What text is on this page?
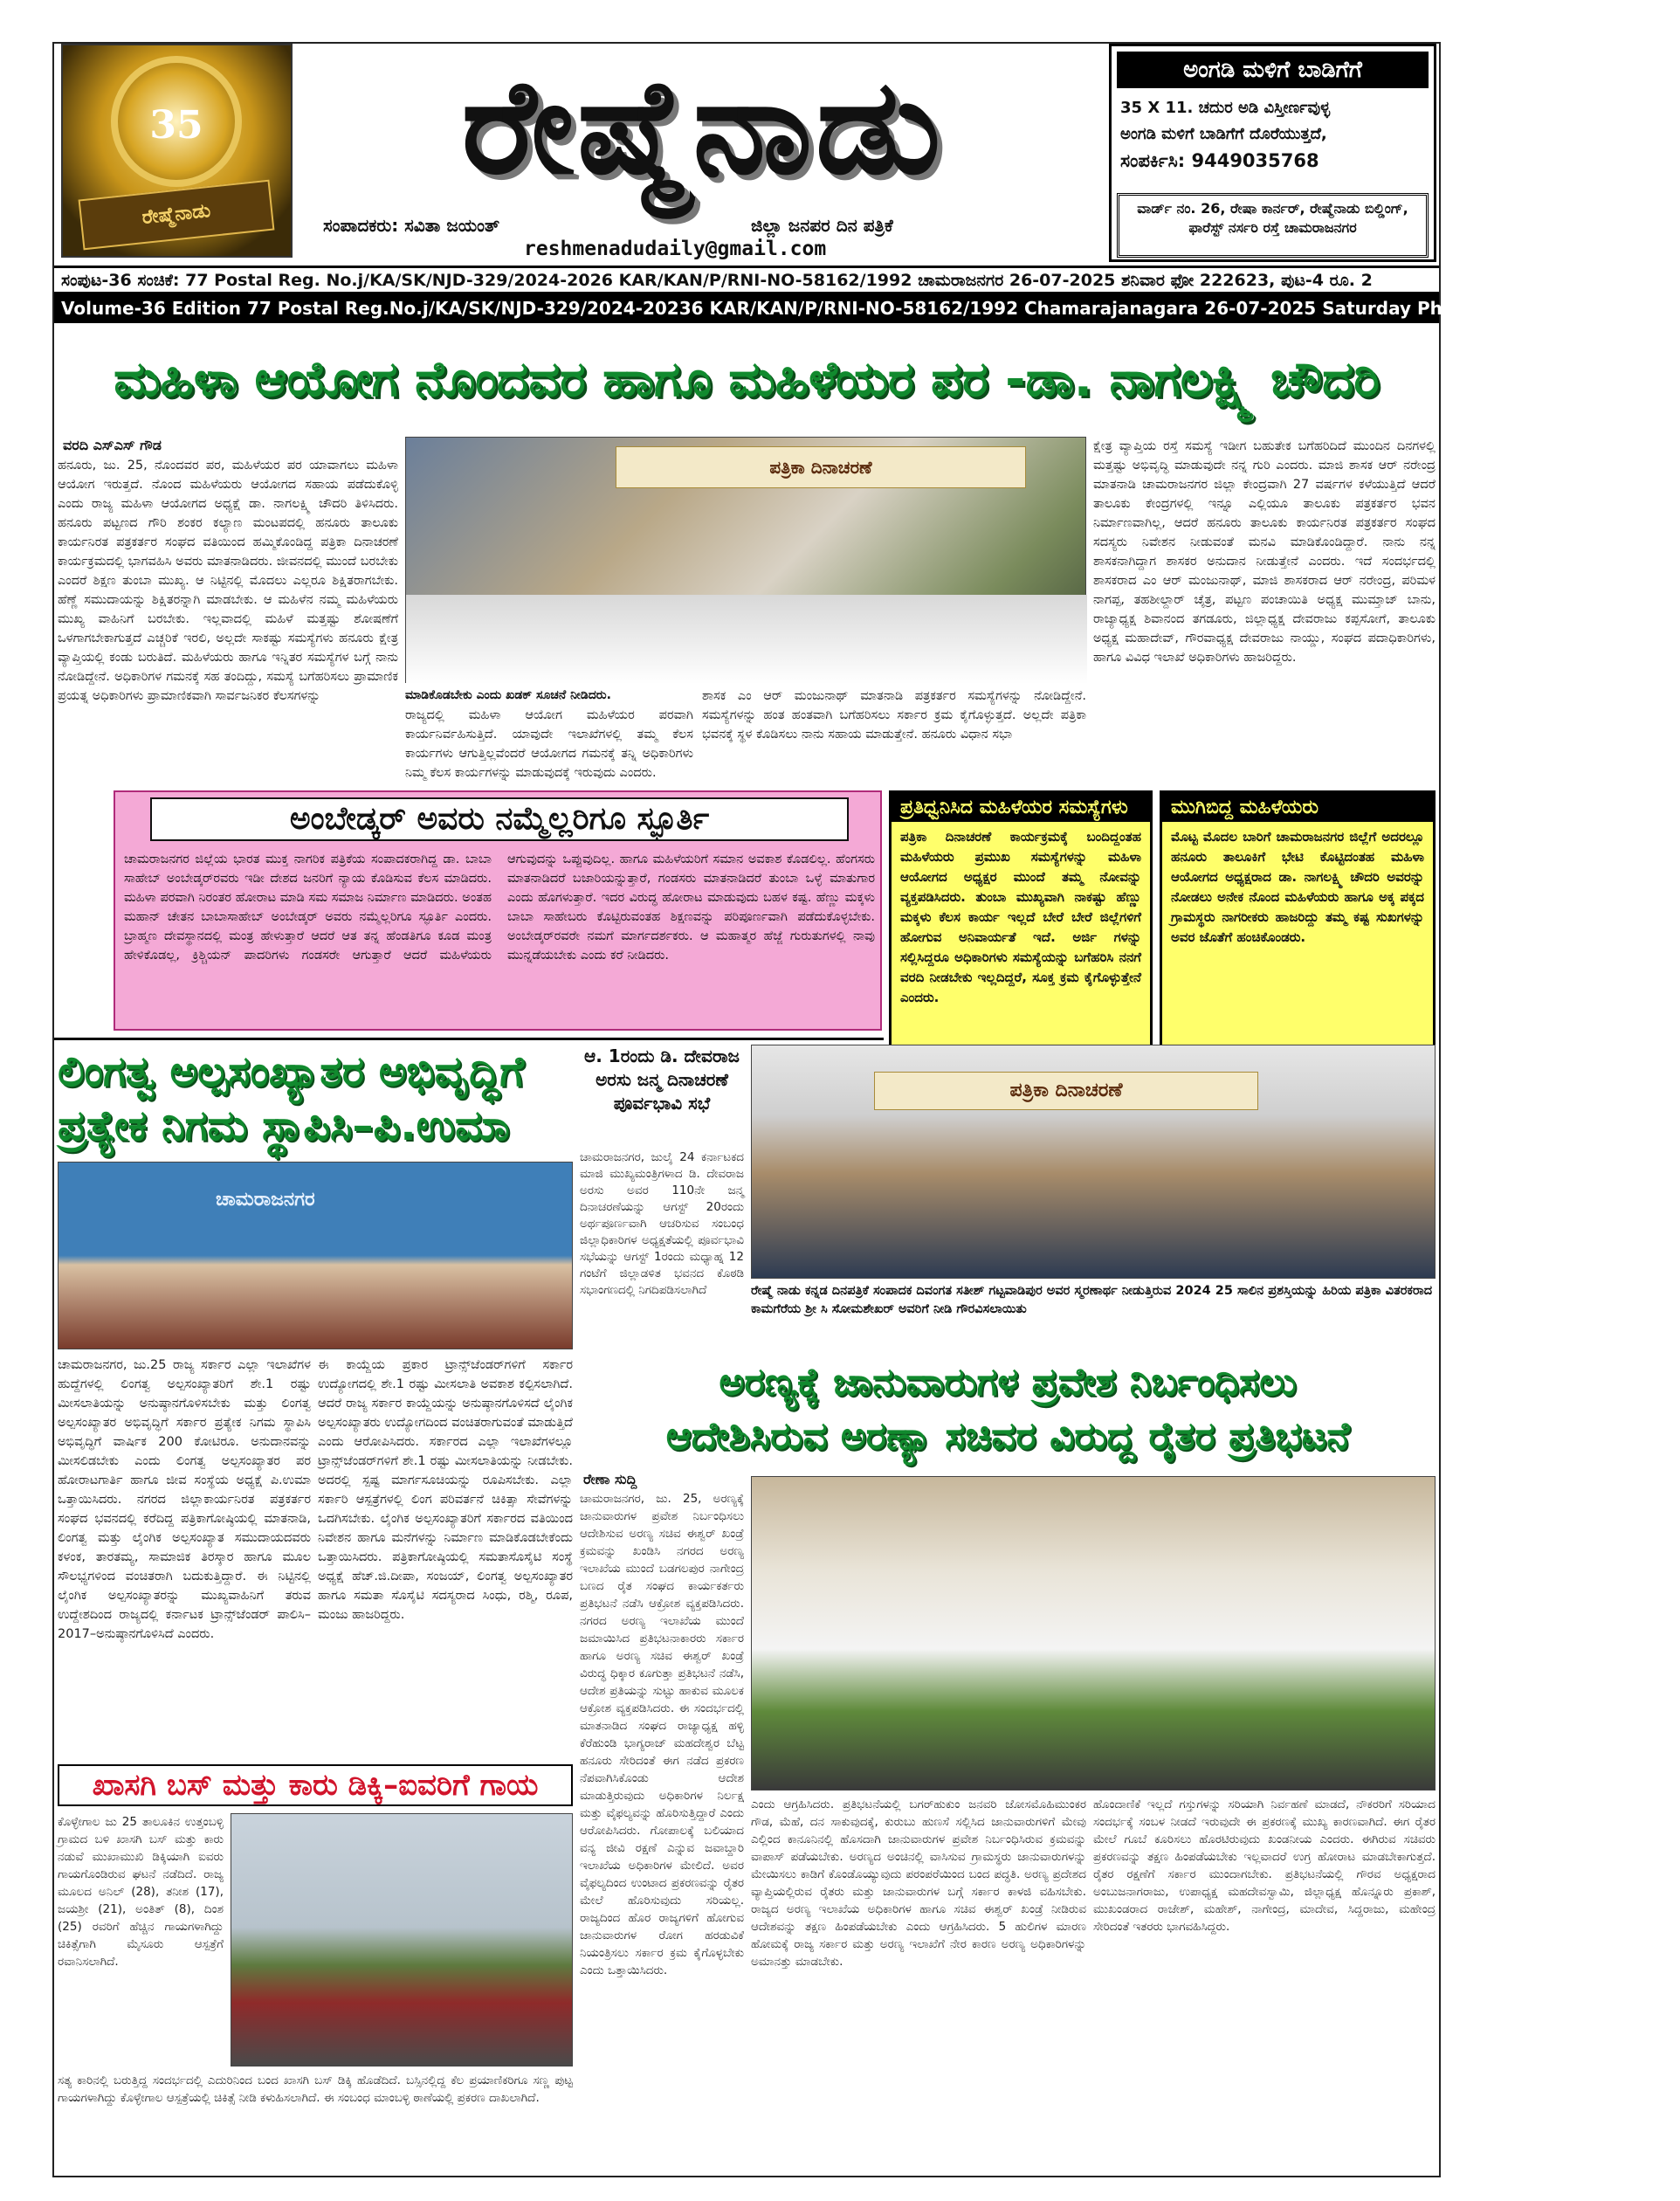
35
ರೇಷ್ಮೆನಾಡು
ರೇಷ್ಮೆನಾಡು
ಸಂಪಾದಕರು: ಸವಿತಾ ಜಯಂತ್	ಜಿಲ್ಲಾ ಜನಪರ ದಿನ ಪತ್ರಿಕೆ
reshmenadudaily@gmail.com
ಅಂಗಡಿ ಮಳಿಗೆ ಬಾಡಿಗೆಗೆ
35 X 11. ಚದುರ ಅಡಿ ವಿಸ್ತೀರ್ಣವುಳ್ಳ
ಅಂಗಡಿ ಮಳಿಗೆ ಬಾಡಿಗೆಗೆ ದೊರೆಯುತ್ತದೆ,
ಸಂಪರ್ಕಿಸಿ: 9449035768
ವಾರ್ಡ್ ನಂ. 26, ರೇಷಾ ಕಾರ್ನರ್, ರೇಷ್ಮೆನಾಡು ಬಿಲ್ಡಿಂಗ್, ಫಾರೆಸ್ಟ್ ನರ್ಸರಿ ರಸ್ತೆ ಚಾಮರಾಜನಗರ
ಸಂಪುಟ-36 ಸಂಚಿಕೆ: 77 Postal Reg. No.j/KA/SK/NJD-329/2024-2026 KAR/KAN/P/RNI-NO-58162/1992 ಚಾಮರಾಜನಗರ 26-07-2025 ಶನಿವಾರ ಫೋ 222623, ಪುಟ-4 ರೂ. 2
Volume-36 Edition 77 Postal Reg.No.j/KA/SK/NJD-329/2024-20236 KAR/KAN/P/RNI-NO-58162/1992 Chamarajanagara 26-07-2025 Saturday Phone 222623 Page-4 Rs.2
ಮಹಿಳಾ ಆಯೋಗ ನೊಂದವರ ಹಾಗೂ ಮಹಿಳೆಯರ ಪರ -ಡಾ. ನಾಗಲಕ್ಷ್ಮಿ ಚೌದರಿ
ವರದಿ ಎಸ್‌ಎಸ್ ಗೌಡ
ಹನೂರು, ಜು. 25, ನೊಂದವರ ಪರ, ಮಹಿಳೆಯರ ಪರ ಯಾವಾಗಲು ಮಹಿಳಾ ಆಯೋಗ ಇರುತ್ತದೆ. ನೊಂದ ಮಹಿಳೆಯರು ಆಯೋಗದ ಸಹಾಯ ಪಡೆದುಕೊಳ್ಳಿ ಎಂದು ರಾಜ್ಯ ಮಹಿಳಾ ಆಯೋಗದ ಅಧ್ಯಕ್ಷೆ ಡಾ. ನಾಗಲಕ್ಷ್ಮಿ ಚೌದರಿ ತಿಳಿಸಿದರು. ಹನೂರು ಪಟ್ಟಣದ ಗೌರಿ ಶಂಕರ ಕಲ್ಯಾಣ ಮಂಟಪದಲ್ಲಿ ಹನೂರು ತಾಲೂಕು ಕಾರ್ಯನಿರತ ಪತ್ರಕರ್ತರ ಸಂಘದ ವತಿಯಿಂದ ಹಮ್ಮಿಕೊಂಡಿದ್ದ ಪತ್ರಿಕಾ ದಿನಾಚರಣೆ ಕಾರ್ಯಕ್ರಮದಲ್ಲಿ ಭಾಗವಹಿಸಿ ಅವರು ಮಾತನಾಡಿದರು. ಜೀವನದಲ್ಲಿ ಮುಂದೆ ಬರಬೇಕು ಎಂದರೆ ಶಿಕ್ಷಣ ತುಂಬಾ ಮುಖ್ಯ. ಆ ನಿಟ್ಟಿನಲ್ಲಿ ಮೊದಲು ಎಲ್ಲರೂ ಶಿಕ್ಷಿತರಾಗಬೇಕು. ಹೆಣ್ಣೆ ಸಮುದಾಯನ್ನು ಶಿಕ್ಷಿತರನ್ನಾಗಿ ಮಾಡಬೇಕು. ಆ ಮಹಿಳೆನ ನಮ್ಮ ಮಹಿಳೆಯರು ಮುಖ್ಯ ವಾಹಿನಿಗೆ ಬರಬೇಕು. ಇಲ್ಲವಾದಲ್ಲಿ ಮಹಿಳೆ ಮತ್ತಷ್ಟು ಶೋಷಣೆಗೆ ಒಳಗಾಗಬೇಕಾಗುತ್ತದೆ ಎಚ್ಚರಿಕೆ ಇರಲಿ, ಅಲ್ಲದೇ ಸಾಕಷ್ಟು ಸಮಸ್ಯೆಗಳು ಹನೂರು ಕ್ಷೇತ್ರ ವ್ಯಾಪ್ತಿಯಲ್ಲಿ ಕಂಡು ಬರುತಿದೆ. ಮಹಿಳೆಯರು ಹಾಗೂ ಇನ್ನಿತರ ಸಮಸ್ಯೆಗಳ ಬಗ್ಗೆ ನಾನು ನೋಡಿದ್ದೇನೆ. ಅಧಿಕಾರಿಗಳ ಗಮನಕ್ಕೆ ಸಹ ತಂದಿದ್ದು, ಸಮಸ್ಯೆ ಬಗೆಹರಿಸಲು ಪ್ರಾಮಾಣಿಕ ಪ್ರಯತ್ನ ಅಧಿಕಾರಿಗಳು ಪ್ರಾಮಾಣಿಕವಾಗಿ ಸಾರ್ವಜನಿಕರ ಕೆಲಸಗಳನ್ನು
ಪತ್ರಿಕಾ ದಿನಾಚರಣೆ
ಮಾಡಿಕೊಡಬೇಕು ಎಂದು ಖಡಕ್ ಸೂಚನೆ ನೀಡಿದರು.
ರಾಜ್ಯದಲ್ಲಿ ಮಹಿಳಾ ಆಯೋಗ ಮಹಿಳೆಯರ ಪರವಾಗಿ ಕಾರ್ಯನಿರ್ವಹಿಸುತ್ತಿದೆ. ಯಾವುದೇ ಇಲಾಖೆಗಳಲ್ಲಿ ತಮ್ಮ ಕೆಲಸ ಕಾರ್ಯಗಳು ಆಗುತ್ತಿಲ್ಲವೆಂದರೆ ಆಯೋಗದ ಗಮನಕ್ಕೆ ತನ್ನಿ ಅಧಿಕಾರಿಗಳು ನಿಮ್ಮ ಕೆಲಸ ಕಾರ್ಯಗಳನ್ನು ಮಾಡುವುದಕ್ಕೆ ಇರುವುದು ಎಂದರು.
ಶಾಸಕ ಎಂ ಆರ್ ಮಂಜುನಾಥ್ ಮಾತನಾಡಿ ಪತ್ರಕರ್ತರ ಸಮಸ್ಯೆಗಳನ್ನು ನೋಡಿದ್ದೇನೆ. ಸಮಸ್ಯೆಗಳನ್ನು ಹಂತ ಹಂತವಾಗಿ ಬಗೆಹರಿಸಲು ಸರ್ಕಾರ ಕ್ರಮ ಕೈಗೊಳ್ಳುತ್ತದೆ. ಅಲ್ಲದೇ ಪತ್ರಿಕಾ ಭವನಕ್ಕೆ ಸ್ಥಳ ಕೊಡಿಸಲು ನಾನು ಸಹಾಯ ಮಾಡುತ್ತೇನೆ. ಹನೂರು ವಿಧಾನ ಸಭಾ
ಕ್ಷೇತ್ರ ವ್ಯಾಪ್ತಿಯ ರಸ್ತೆ ಸಮಸ್ಯೆ ಇಡೀಗ ಬಹುತೇಕ ಬಗೆಹರಿದಿದೆ ಮುಂದಿನ ದಿನಗಳಲ್ಲಿ ಮತ್ತಷ್ಟು ಅಭಿವೃದ್ಧಿ ಮಾಡುವುದೇ ನನ್ನ ಗುರಿ ಎಂದರು. ಮಾಜಿ ಶಾಸಕ ಆರ್ ನರೇಂದ್ರ ಮಾತನಾಡಿ ಚಾಮರಾಜನಗರ ಜಿಲ್ಲಾ ಕೇಂದ್ರವಾಗಿ 27 ವರ್ಷಗಳ ಕಳೆಯುತ್ತಿದೆ ಆದರೆ ತಾಲೂಕು ಕೇಂದ್ರಗಳಲ್ಲಿ ಇನ್ನೂ ಎಲ್ಲಿಯೂ ತಾಲೂಕು ಪತ್ರಕರ್ತರ ಭವನ ನಿರ್ಮಾಣವಾಗಿಲ್ಲ, ಆದರೆ ಹನೂರು ತಾಲೂಕು ಕಾರ್ಯನಿರತ ಪತ್ರಕರ್ತರ ಸಂಘದ ಸದಸ್ಯರು ನಿವೇಶನ ನೀಡುವಂತೆ ಮನವಿ ಮಾಡಿಕೊಂಡಿದ್ದಾರೆ. ನಾನು ನನ್ನ ಶಾಸಕನಾಗಿದ್ದಾಗ ಶಾಸಕರ ಅನುದಾನ ನೀಡುತ್ತೇನೆ ಎಂದರು. ಇದೆ ಸಂದರ್ಭದಲ್ಲಿ ಶಾಸಕರಾದ ಎಂ ಆರ್ ಮಂಜುನಾಥ್, ಮಾಜಿ ಶಾಸಕರಾದ ಆರ್ ನರೇಂದ್ರ, ಪರಿಮಳ ನಾಗಪ್ಪ, ತಹಶೀಲ್ದಾರ್ ಚೈತ್ರ, ಪಟ್ಟಣ ಪಂಚಾಯಿತಿ ಅಧ್ಯಕ್ಷ ಮುಮ್ತಾಜ್ ಬಾನು, ರಾಜ್ಯಾಧ್ಯಕ್ಷ ಶಿವಾನಂದ ತಗಡೂರು, ಜಿಲ್ಲಾಧ್ಯಕ್ಷ ದೇವರಾಜು ಕಪ್ಪಸೋಗೆ, ತಾಲೂಕು ಅಧ್ಯಕ್ಷ ಮಹಾದೇವ್, ಗೌರವಾಧ್ಯಕ್ಷ ದೇವರಾಜು ನಾಯ್ಡು, ಸಂಘದ ಪದಾಧಿಕಾರಿಗಳು, ಹಾಗೂ ವಿವಿಧ ಇಲಾಖೆ ಅಧಿಕಾರಿಗಳು ಹಾಜರಿದ್ದರು.
ಅಂಬೇಡ್ಕರ್ ಅವರು ನಮ್ಮೆಲ್ಲರಿಗೂ ಸ್ಫೂರ್ತಿ
ಚಾಮರಾಜನಗರ ಜಿಲ್ಲೆಯ ಭಾರತ ಮುಕ್ತ ನಾಗರಿಕ ಪತ್ರಿಕೆಯ ಸಂಪಾದಕರಾಗಿದ್ದ ಡಾ. ಬಾಬಾ ಸಾಹೇಬ್ ಅಂಬೇಡ್ಕರ್‌ರವರು ಇಡೀ ದೇಶದ ಜನರಿಗೆ ನ್ಯಾಯ ಕೊಡಿಸುವ ಕೆಲಸ ಮಾಡಿದರು. ಮಹಿಳಾ ಪರವಾಗಿ ನಿರಂತರ ಹೋರಾಟ ಮಾಡಿ ಸಮ ಸಮಾಜ ನಿರ್ಮಾಣ ಮಾಡಿದರು. ಅಂತಹ ಮಹಾನ್ ಚೇತನ ಬಾಬಾಸಾಹೇಬ್ ಅಂಬೇಡ್ಕರ್ ಅವರು ನಮ್ಮೆಲ್ಲರಿಗೂ ಸ್ಫೂರ್ತಿ ಎಂದರು. ಬ್ರಾಹ್ಮಣ ದೇವಸ್ಥಾನದಲ್ಲಿ ಮಂತ್ರ ಹೇಳುತ್ತಾರೆ ಆದರೆ ಆತ ತನ್ನ ಹೆಂಡತಿಗೂ ಕೂಡ ಮಂತ್ರ ಹೇಳಿಕೊಡಲ್ಲ, ಕ್ರಿಶ್ಚಿಯನ್ ಪಾದರಿಗಳು ಗಂಡಸರೇ ಆಗುತ್ತಾರೆ ಆದರೆ ಮಹಿಳೆಯರು ಆಗುವುದನ್ನು ಒಪ್ಪುವುದಿಲ್ಲ. ಹಾಗೂ ಮಹಿಳೆಯರಿಗೆ ಸಮಾನ ಅವಕಾಶ ಕೊಡಲಿಲ್ಲ. ಹೆಂಗಸರು ಮಾತನಾಡಿದರೆ ಬಜಾರಿಯನ್ನುತ್ತಾರೆ, ಗಂಡಸರು ಮಾತನಾಡಿದರೆ ತುಂಬಾ ಒಳ್ಳೆ ಮಾತುಗಾರ ಎಂದು ಹೊಗಳುತ್ತಾರೆ. ಇದರ ವಿರುದ್ಧ ಹೋರಾಟ ಮಾಡುವುದು ಬಹಳ ಕಷ್ಟ. ಹೆಣ್ಣು ಮಕ್ಕಳು ಬಾಬಾ ಸಾಹೇಬರು ಕೊಟ್ಟಿರುವಂತಹ ಶಿಕ್ಷಣವನ್ನು ಪರಿಪೂರ್ಣವಾಗಿ ಪಡೆದುಕೊಳ್ಳಬೇಕು. ಅಂಬೇಡ್ಕರ್‌ರವರೇ ನಮಗೆ ಮಾರ್ಗದರ್ಶಕರು. ಆ ಮಹಾತ್ಮರ ಹೆಜ್ಜೆ ಗುರುತುಗಳಲ್ಲಿ ನಾವು ಮುನ್ನಡೆಯಬೇಕು ಎಂದು ಕರೆ ನೀಡಿದರು.
ಪ್ರತಿಧ್ವನಿಸಿದ ಮಹಿಳೆಯರ ಸಮಸ್ಯೆಗಳು
ಪತ್ರಿಕಾ ದಿನಾಚರಣೆ ಕಾರ್ಯಕ್ರಮಕ್ಕೆ ಬಂದಿದ್ದಂತಹ ಮಹಿಳೆಯರು ಪ್ರಮುಖ ಸಮಸ್ಯೆಗಳನ್ನು ಮಹಿಳಾ ಆಯೋಗದ ಅಧ್ಯಕ್ಷರ ಮುಂದೆ ತಮ್ಮ ನೋವನ್ನು ವ್ಯಕ್ತಪಡಿಸಿದರು. ತುಂಬಾ ಮುಖ್ಯವಾಗಿ ನಾಕಷ್ಟು ಹೆಣ್ಣು ಮಕ್ಕಳು ಕೆಲಸ ಕಾರ್ಯ ಇಲ್ಲದೆ ಬೇರೆ ಬೇರೆ ಜಿಲ್ಲೆಗಳಿಗೆ ಹೋಗುವ ಅನಿವಾರ್ಯತೆ ಇದೆ. ಅರ್ಜಿ ಗಳನ್ನು ಸಲ್ಲಿಸಿದ್ದರೂ ಅಧಿಕಾರಿಗಳು ಸಮಸ್ಯೆಯನ್ನು ಬಗೆಹರಿಸಿ ನನಗೆ ವರದಿ ನೀಡಬೇಕು ಇಲ್ಲದಿದ್ದರೆ, ಸೂಕ್ತ ಕ್ರಮ ಕೈಗೊಳ್ಳುತ್ತೇನೆ ಎಂದರು.
ಮುಗಿಬಿದ್ದ ಮಹಿಳೆಯರು
ಮೊಟ್ಟ ಮೊದಲ ಬಾರಿಗೆ ಚಾಮರಾಜನಗರ ಜಿಲ್ಲೆಗೆ ಅದರಲ್ಲೂ ಹನೂರು ತಾಲೂಕಿಗೆ ಭೇಟಿ ಕೊಟ್ಟಿದಂತಹ ಮಹಿಳಾ ಆಯೋಗದ ಅಧ್ಯಕ್ಷರಾದ ಡಾ. ನಾಗಲಕ್ಷ್ಮಿ ಚೌದರಿ ಅವರನ್ನು ನೋಡಲು ಅನೇಕ ನೊಂದ ಮಹಿಳೆಯರು ಹಾಗೂ ಅಕ್ಕ ಪಕ್ಕದ ಗ್ರಾಮಸ್ಥರು ನಾಗರೀಕರು ಹಾಜರಿದ್ದು ತಮ್ಮ ಕಷ್ಟ ಸುಖಗಳನ್ನು ಅವರ ಜೊತೆಗೆ ಹಂಚಿಕೊಂಡರು.
ಲಿಂಗತ್ವ ಅಲ್ಪಸಂಖ್ಯಾತರ ಅಭಿವೃದ್ಧಿಗೆ
ಪ್ರತ್ಯೇಕ ನಿಗಮ ಸ್ಥಾಪಿಸಿ–ಪಿ.ಉಮಾ
ಚಾಮರಾಜನಗರ
ಚಾಮರಾಜನಗರ, ಜು.25 ರಾಜ್ಯ ಸರ್ಕಾರ ಎಲ್ಲಾ ಇಲಾಖೆಗಳ ಹುದ್ದೆಗಳಲ್ಲಿ ಲಿಂಗತ್ವ ಅಲ್ಪಸಂಖ್ಯಾತರಿಗೆ ಶೇ.1 ರಷ್ಟು ಮೀಸಲಾತಿಯನ್ನು ಅನುಷ್ಠಾನಗೊಳಿಸಬೇಕು ಮತ್ತು ಲಿಂಗತ್ವ ಅಲ್ಪಸಂಖ್ಯಾತರ ಅಭಿವೃದ್ಧಿಗೆ ಸರ್ಕಾರ ಪ್ರತ್ಯೇಕ ನಿಗಮ ಸ್ಥಾಪಿಸಿ ಅಭಿವೃದ್ಧಿಗೆ ವಾರ್ಷಿಕ 200 ಕೋಟಿರೂ. ಅನುದಾನವನ್ನು ಮೀಸಲಿಡಬೇಕು ಎಂದು ಲಿಂಗತ್ವ ಅಲ್ಪಸಂಖ್ಯಾತರ ಪರ ಹೋರಾಟಗಾರ್ತಿ ಹಾಗೂ ಜೀವ ಸಂಸ್ಥೆಯ ಅಧ್ಯಕ್ಷೆ ಪಿ.ಉಮಾ ಒತ್ತಾಯಿಸಿದರು. ನಗರದ ಜಿಲ್ಲಾಕಾರ್ಯನಿರತ ಪತ್ರಕರ್ತರ ಸಂಘದ ಭವನದಲ್ಲಿ ಕರೆದಿದ್ದ ಪತ್ರಿಕಾಗೋಷ್ಠಿಯಲ್ಲಿ ಮಾತನಾಡಿ, ಲಿಂಗತ್ವ ಮತ್ತು ಲೈಂಗಿಕ ಅಲ್ಪಸಂಖ್ಯಾತ ಸಮುದಾಯದವರು ಕಳಂಕ, ತಾರತಮ್ಯ, ಸಾಮಾಜಿಕ ತಿರಸ್ಕಾರ ಹಾಗೂ ಮೂಲ ಸೌಲಭ್ಯಗಳಿಂದ ವಂಚಿತರಾಗಿ ಬದುಕುತ್ತಿದ್ದಾರೆ. ಈ ನಿಟ್ಟಿನಲ್ಲಿ ಲೈಂಗಿಕ ಅಲ್ಪಸಂಖ್ಯಾತರನ್ನು ಮುಖ್ಯವಾಹಿನಿಗೆ ತರುವ ಉದ್ದೇಶದಿಂದ ರಾಜ್ಯದಲ್ಲಿ ಕರ್ನಾಟಕ ಟ್ರಾನ್ಸ್‌ಜೆಂಡರ್ ಪಾಲಿಸಿ–2017–ಅನುಷ್ಠಾನಗೊಳಿಸಿದೆ ಎಂದರು.
ಈ ಕಾಯ್ದೆಯ ಪ್ರಕಾರ ಟ್ರಾನ್ಸ್‌ಜೆಂಡರ್‌ಗಳಿಗೆ ಸರ್ಕಾರ ಉದ್ಯೋಗದಲ್ಲಿ ಶೇ.1 ರಷ್ಟು ಮೀಸಲಾತಿ ಅವಕಾಶ ಕಲ್ಪಿಸಲಾಗಿದೆ. ಆದರೆ ರಾಜ್ಯ ಸರ್ಕಾರ ಕಾಯ್ದೆಯನ್ನು ಅನುಷ್ಠಾನಗೊಳಿಸದೆ ಲೈಂಗಿಕ ಅಲ್ಪಸಂಖ್ಯಾತರು ಉದ್ಯೋಗದಿಂದ ವಂಚಿತರಾಗುವಂತೆ ಮಾಡುತ್ತಿದೆ ಎಂದು ಆರೋಪಿಸಿದರು. ಸರ್ಕಾರದ ಎಲ್ಲಾ ಇಲಾಖೆಗಳಲ್ಲೂ ಟ್ರಾನ್ಸ್‌ಜೆಂಡರ್‌ಗಳಿಗೆ ಶೇ.1 ರಷ್ಟು ಮೀಸಲಾತಿಯನ್ನು ನೀಡಬೇಕು. ಅದರಲ್ಲಿ ಸ್ಪಷ್ಟ ಮಾರ್ಗಸೂಚಿಯನ್ನು ರೂಪಿಸಬೇಕು. ಎಲ್ಲಾ ಸರ್ಕಾರಿ ಆಸ್ಪತ್ರೆಗಳಲ್ಲಿ ಲಿಂಗ ಪರಿವರ್ತನೆ ಚಿಕಿತ್ಸಾ ಸೇವೆಗಳನ್ನು ಒದಗಿಸಬೇಕು. ಲೈಂಗಿಕ ಅಲ್ಪಸಂಖ್ಯಾತರಿಗೆ ಸರ್ಕಾರದ ವತಿಯಿಂದ ನಿವೇಶನ ಹಾಗೂ ಮನೆಗಳನ್ನು ನಿರ್ಮಾಣ ಮಾಡಿಕೊಡಬೇಕೆಂದು ಒತ್ತಾಯಿಸಿದರು. ಪತ್ರಿಕಾಗೋಷ್ಠಿಯಲ್ಲಿ ಸಮತಾಸೊಸೈಟಿ ಸಂಸ್ಥೆ ಅಧ್ಯಕ್ಷೆ ಹೆಚ್.ಜಿ.ದೀಪಾ, ಸಂಜಯ್, ಲಿಂಗತ್ವ ಅಲ್ಪಸಂಖ್ಯಾತರ ಹಾಗೂ ಸಮತಾ ಸೊಸೈಟಿ ಸದಸ್ಯರಾದ ಸಿಂಧು, ರಶ್ಮಿ, ರೂಪ, ಮಂಜು ಹಾಜರಿದ್ದರು.
ಆ. 1ರಂದು ಡಿ. ದೇವರಾಜ ಅರಸು ಜನ್ಮ ದಿನಾಚರಣೆ ಪೂರ್ವಭಾವಿ ಸಭೆ
ಚಾಮರಾಜನಗರ, ಜುಲೈ 24 ಕರ್ನಾಟಕದ ಮಾಜಿ ಮುಖ್ಯಮಂತ್ರಿಗಳಾದ ಡಿ. ದೇವರಾಜ ಅರಸು ಅವರ 110ನೇ ಜನ್ಮ ದಿನಾಚರಣೆಯನ್ನು ಆಗಸ್ಟ್ 20ರಂದು ಅರ್ಥಪೂರ್ಣವಾಗಿ ಆಚರಿಸುವ ಸಂಬಂಧ ಜಿಲ್ಲಾಧಿಕಾರಿಗಳ ಅಧ್ಯಕ್ಷತೆಯಲ್ಲಿ ಪೂರ್ವಭಾವಿ ಸಭೆಯನ್ನು ಆಗಸ್ಟ್ 1ರಂದು ಮಧ್ಯಾಹ್ನ 12 ಗಂಟೆಗೆ ಜಿಲ್ಲಾಡಳಿತ ಭವನದ ಕೊಠಡಿ ಸಭಾಂಗಣದಲ್ಲಿ ನಿಗದಿಪಡಿಸಲಾಗಿದೆ
ಪತ್ರಿಕಾ ದಿನಾಚರಣೆ
ರೇಷ್ಮೆ ನಾಡು ಕನ್ನಡ ದಿನಪತ್ರಿಕೆ ಸಂಪಾದಕ ದಿವಂಗತ ಸತೀಶ್ ಗಟ್ಟವಾಡಿಪುರ ಅವರ ಸ್ಮರಣಾರ್ಥ ನೀಡುತ್ತಿರುವ 2024 25 ಸಾಲಿನ ಪ್ರಶಸ್ತಿಯನ್ನು ಹಿರಿಯ ಪತ್ರಿಕಾ ವಿತರಕರಾದ ಕಾಮಗೆರೆಯ ಶ್ರೀ ಸಿ ಸೋಮಶೇಖರ್ ಅವರಿಗೆ ನೀಡಿ ಗೌರವಿಸಲಾಯಿತು
ಅರಣ್ಯಕ್ಕೆ ಜಾನುವಾರುಗಳ ಪ್ರವೇಶ ನಿರ್ಬಂಧಿಸಲು
ಆದೇಶಿಸಿರುವ ಅರಣ್ಯಾ ಸಚಿವರ ವಿರುದ್ದ ರೈತರ ಪ್ರತಿಭಟನೆ
ರೇಣಾ ಸುದ್ದಿ
ಚಾಮರಾಜನಗರ, ಜು. 25, ಅರಣ್ಯಕ್ಕೆ ಜಾನುವಾರುಗಳ ಪ್ರವೇಶ ನಿರ್ಬಂಧಿಸಲು ಆದೇಶಿಸುವ ಅರಣ್ಯ ಸಚಿವ ಈಶ್ವರ್ ಖಂಡ್ರೆ ಕ್ರಮವನ್ನು ಖಂಡಿಸಿ ನಗರದ ಅರಣ್ಯ ಇಲಾಖೆಯ ಮುಂದೆ ಬಡಗಲಪುರ ನಾಗೇಂದ್ರ ಬಣದ ರೈತ ಸಂಘದ ಕಾರ್ಯಕರ್ತರು ಪ್ರತಿಭಟನೆ ನಡೆಸಿ ಆಕ್ರೋಶ ವ್ಯಕ್ತಪಡಿಸಿದರು. ನಗರದ ಅರಣ್ಯ ಇಲಾಖೆಯ ಮುಂದೆ ಜಮಾಯಿಸಿದ ಪ್ರತಿಭಟನಾಕಾರರು ಸರ್ಕಾರ ಹಾಗೂ ಅರಣ್ಯ ಸಚಿವ ಈಶ್ವರ್ ಖಂಡ್ರೆ ವಿರುದ್ಧ ಧಿಕ್ಕಾರ ಕೂಗುತ್ತಾ ಪ್ರತಿಭಟನೆ ನಡೆಸಿ, ಆದೇಶ ಪ್ರತಿಯನ್ನು ಸುಟ್ಟು ಹಾಕುವ ಮೂಲಕ ಆಕ್ರೋಶ ವ್ಯಕ್ತಪಡಿಸಿದರು. ಈ ಸಂದರ್ಭದಲ್ಲಿ ಮಾತನಾಡಿದ ಸಂಘದ ರಾಜ್ಯಾಧ್ಯಕ್ಷ ಹಳ್ಳಿ ಕೆರೆಹುಂಡಿ ಭಾಗ್ಯರಾಜ್ ಮಹದೇಶ್ವರ ಬೆಟ್ಟ ಹನೂರು ಸೇರಿದಂತೆ ಈಗ ನಡೆದ ಪ್ರಕರಣ ನೆಪವಾಗಿಸಿಕೊಂಡು ಆದೇಶ ಮಾಡುತ್ತಿರುವುದು ಅಧಿಕಾರಿಗಳ ನಿರ್ಲಕ್ಷ ಮತ್ತು ವೈಫಲ್ಯವನ್ನು ಹೊರಿಸುತ್ತಿದ್ದಾರೆ ಎಂದು ಆರೋಪಿಸಿದರು. ಗೋಪಾಲಕ್ಕೆ ಬಲಿಯಾದ ವನ್ಯ ಜೀವಿ ರಕ್ಷಣೆ ಎನ್ನುವ ಜವಾಬ್ದಾರಿ ಇಲಾಖೆಯ ಅಧಿಕಾರಿಗಳ ಮೇಲಿದೆ. ಅವರ ವೈಫಲ್ಯದಿಂದ ಉಂಟಾದ ಪ್ರಕರಣವನ್ನು ರೈತರ ಮೇಲೆ ಹೊರಿಸುವುದು ಸರಿಯಲ್ಲ. ರಾಜ್ಯದಿಂದ ಹೊರ ರಾಜ್ಯಗಳಿಗೆ ಹೋಗುವ ಜಾನುವಾರುಗಳ ರೋಗ ಹರಡುವಿಕೆ ನಿಯಂತ್ರಿಸಲು ಸರ್ಕಾರ ಕ್ರಮ ಕೈಗೊಳ್ಳಬೇಕು ಎಂದು ಒತ್ತಾಯಿಸಿದರು.
ಎಂದು ಆಗ್ರಹಿಸಿದರು. ಪ್ರತಿಭಟನೆಯಲ್ಲಿ ಬಗರ್‌ಹುಕುಂ ಜನವರಿ ಜೋಸಮೊಹಿಮುಂಕರ ಗೌಡ, ಮೆಹೆ, ದನ ಸಾಕುವುದಕ್ಕೆ, ಕುರುಬು ಹುಣಸೆ ಸಲ್ಲಿಸಿದ ಜಾನುವಾರುಗಳಿಗೆ ಮೇವು ಎಲ್ಲಿಂದ ಕಾನೂನಿನಲ್ಲಿ ಹೊಸದಾಗಿ ಜಾನುವಾರುಗಳ ಪ್ರವೇಶ ನಿರ್ಬಂಧಿಸಿರುವ ಕ್ರಮವನ್ನು ವಾಪಾಸ್ ಪಡೆಯಬೇಕು. ಅರಣ್ಯದ ಅಂಚಿನಲ್ಲಿ ವಾಸಿಸುವ ಗ್ರಾಮಸ್ಥರು ಜಾನುವಾರುಗಳನ್ನು ಮೇಯಿಸಲು ಕಾಡಿಗೆ ಕೊಂಡೊಯ್ಯುವುದು ಪರಂಪರೆಯಿಂದ ಬಂದ ಪದ್ಧತಿ. ಅರಣ್ಯ ಪ್ರದೇಶದ ವ್ಯಾಪ್ತಿಯಲ್ಲಿರುವ ರೈತರು ಮತ್ತು ಜಾನುವಾರುಗಳ ಬಗ್ಗೆ ಸರ್ಕಾರ ಕಾಳಜಿ ವಹಿಸಬೇಕು. ರಾಜ್ಯದ ಅರಣ್ಯ ಇಲಾಖೆಯ ಅಧಿಕಾರಿಗಳ ಹಾಗೂ ಸಚಿವ ಈಶ್ವರ್ ಖಂಡ್ರೆ ನೀಡಿರುವ ಆದೇಶವನ್ನು ತಕ್ಷಣ ಹಿಂಪಡೆಯಬೇಕು ಎಂದು ಆಗ್ರಹಿಸಿದರು. 5 ಹುಲಿಗಳ ಮಾರಣ ಹೋಮಕ್ಕೆ ರಾಜ್ಯ ಸರ್ಕಾರ ಮತ್ತು ಅರಣ್ಯ ಇಲಾಖೆಗೆ ನೇರ ಕಾರಣ ಅರಣ್ಯ ಅಧಿಕಾರಿಗಳನ್ನು ಅಮಾನತ್ತು ಮಾಡಬೇಕು.
ಹೊಂದಾಣಿಕೆ ಇಲ್ಲದೆ ಗಸ್ತುಗಳನ್ನು ಸರಿಯಾಗಿ ನಿರ್ವಹಣೆ ಮಾಡದೆ, ನೌಕರರಿಗೆ ಸರಿಯಾದ ಸಂದರ್ಭಕ್ಕೆ ಸಂಬಳ ನೀಡದೆ ಇರುವುದೇ ಈ ಪ್ರಕರಣಕ್ಕೆ ಮುಖ್ಯ ಕಾರಣವಾಗಿದೆ. ಈಗ ರೈತರ ಮೇಲೆ ಗೂಬೆ ಕೂರಿಸಲು ಹೊರಟಿರುವುದು ಖಂಡನೀಯ ಎಂದರು. ಈಗಿರುವ ಸಚಿವರು ಪ್ರಕರಣವನ್ನು ತಕ್ಷಣ ಹಿಂಪಡೆಯಬೇಕು ಇಲ್ಲವಾದರೆ ಉಗ್ರ ಹೋರಾಟ ಮಾಡಬೇಕಾಗುತ್ತದೆ. ರೈತರ ರಕ್ಷಣೆಗೆ ಸರ್ಕಾರ ಮುಂದಾಗಬೇಕು. ಪ್ರತಿಭಟನೆಯಲ್ಲಿ ಗೌರವ ಅಧ್ಯಕ್ಷರಾದ ಅಂಬುಜನಾಗರಾಜು, ಉಪಾಧ್ಯಕ್ಷ ಮಹದೇವಸ್ವಾಮಿ, ಜಿಲ್ಲಾಧ್ಯಕ್ಷ ಹೊನ್ನೂರು ಪ್ರಕಾಶ್, ಮುಖಂಡರಾದ ರಾಜೇಶ್, ಮಹೇಶ್, ನಾಗೇಂದ್ರ, ಮಾದೇವ, ಸಿದ್ದರಾಜು, ಮಹೇಂದ್ರ ಸೇರಿದಂತೆ ಇತರರು ಭಾಗವಹಿಸಿದ್ದರು.
ಖಾಸಗಿ ಬಸ್ ಮತ್ತು ಕಾರು ಡಿಕ್ಕಿ–ಐವರಿಗೆ ಗಾಯ
ಕೊಳ್ಳೇಗಾಲ ಜು 25 ತಾಲೂಕಿನ ಉತ್ತಂಬಳ್ಳಿ ಗ್ರಾಮದ ಬಳಿ ಖಾಸಗಿ ಬಸ್ ಮತ್ತು ಕಾರು ನಡುವೆ ಮುಖಾಮುಖಿ ಡಿಕ್ಕಿಯಾಗಿ ಐವರು ಗಾಯಗೊಂಡಿರುವ ಘಟನೆ ನಡೆದಿದೆ. ರಾಜ್ಯ ಮೂಲದ ಅನಿಲ್ (28), ತನೀಶ (17), ಜಯಶ್ರೀ (21), ಅಂತಿತ್ (8), ದಿಂಶ (25) ರವರಿಗೆ ಹೆಚ್ಚಿನ ಗಾಯಗಳಾಗಿದ್ದು ಚಿಕಿತ್ಸೆಗಾಗಿ ಮೈಸೂರು ಆಸ್ಪತ್ರೆಗೆ ರವಾನಿಸಲಾಗಿದೆ.
ಸತ್ಯ ಕಾರಿನಲ್ಲಿ ಬರುತ್ತಿದ್ದ ಸಂದರ್ಭದಲ್ಲಿ ಎದುರಿನಿಂದ ಬಂದ ಖಾಸಗಿ ಬಸ್ ಡಿಕ್ಕಿ ಹೊಡೆದಿದೆ. ಬಸ್ಸಿನಲ್ಲಿದ್ದ ಕೆಲ ಪ್ರಯಾಣಿಕರಿಗೂ ಸಣ್ಣ ಪುಟ್ಟ ಗಾಯಗಳಾಗಿದ್ದು ಕೊಳ್ಳೇಗಾಲ ಆಸ್ಪತ್ರೆಯಲ್ಲಿ ಚಿಕಿತ್ಸೆ ನೀಡಿ ಕಳುಹಿಸಲಾಗಿದೆ. ಈ ಸಂಬಂಧ ಮಾಂಬಳ್ಳಿ ಠಾಣೆಯಲ್ಲಿ ಪ್ರಕರಣ ದಾಖಲಾಗಿದೆ.
